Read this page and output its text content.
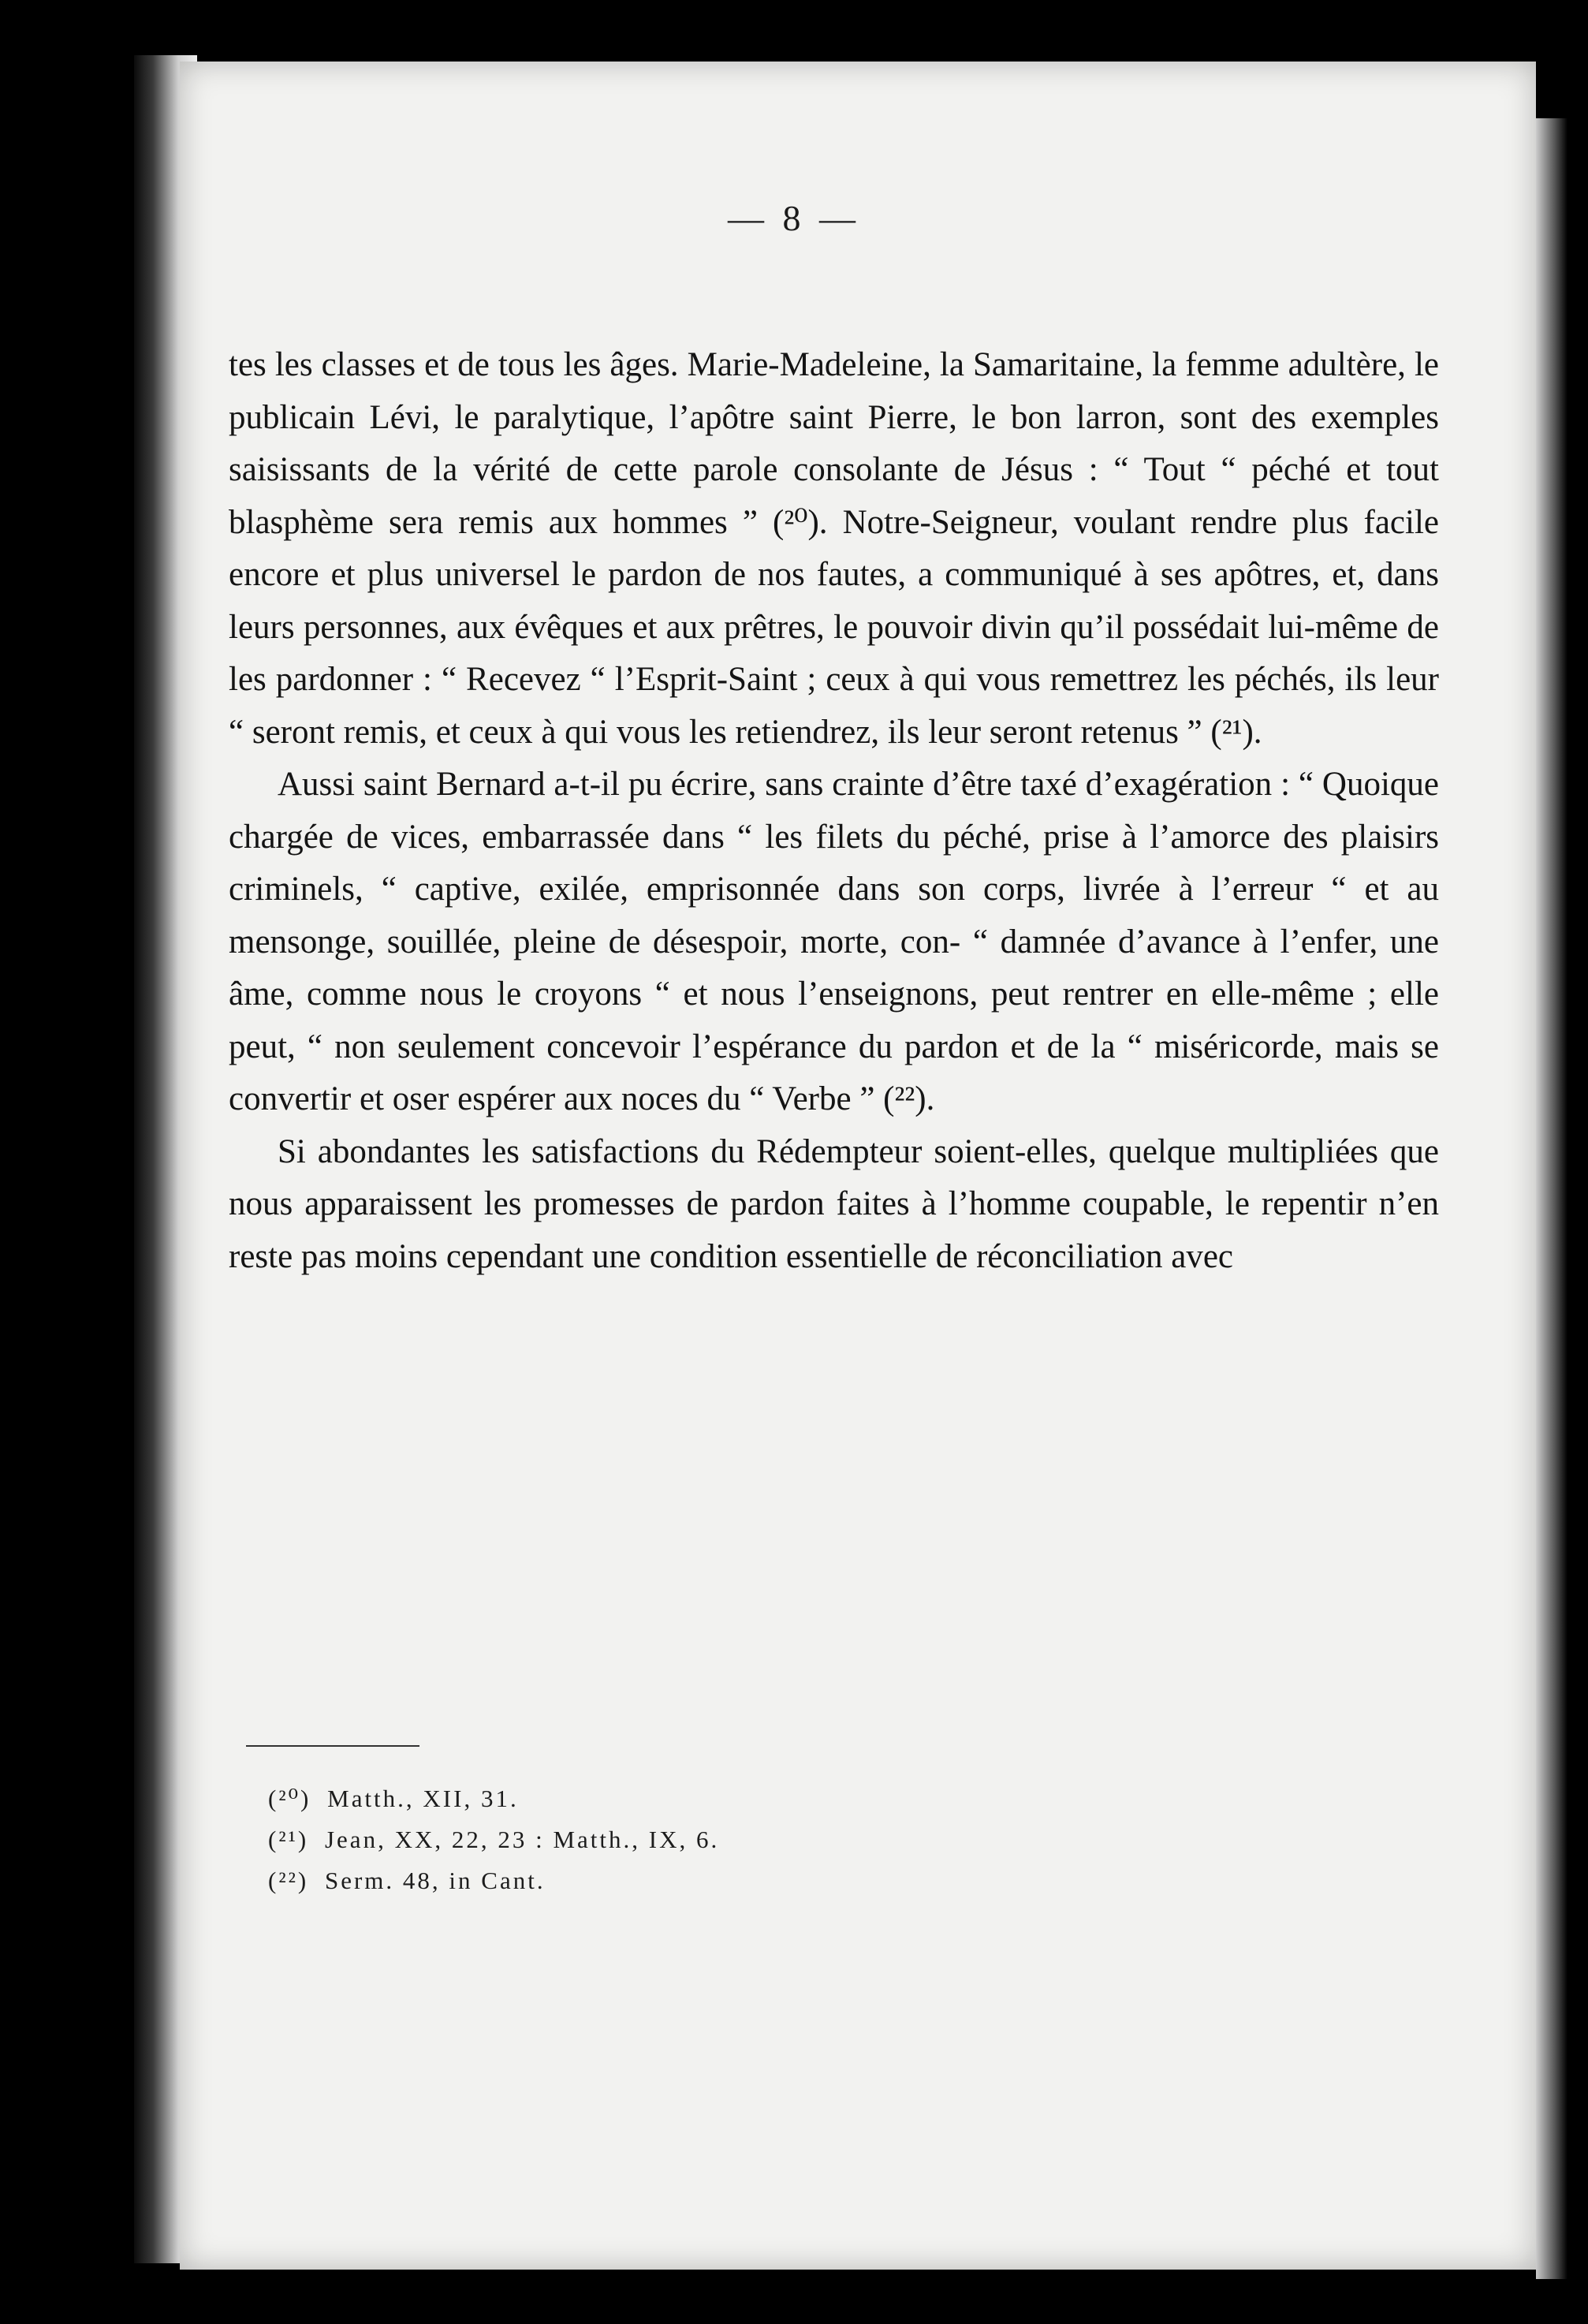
— 8 —

tes les classes et de tous les âges. Marie-Madeleine, la Samaritaine, la femme adultère, le publicain Lévi, le paralytique, l’apôtre saint Pierre, le bon larron, sont des exemples saisissants de la vérité de cette parole consolante de Jésus : “ Tout “ péché et tout blasphème sera remis aux hommes ” (²⁰). Notre-Seigneur, voulant rendre plus facile encore et plus universel le pardon de nos fautes, a communiqué à ses apôtres, et, dans leurs personnes, aux évêques et aux prêtres, le pouvoir divin qu’il possédait lui-même de les pardonner : “ Recevez “ l’Esprit-Saint ; ceux à qui vous remettrez les péchés, ils leur “ seront remis, et ceux à qui vous les retiendrez, ils leur seront retenus ” (²¹).

Aussi saint Bernard a-t-il pu écrire, sans crainte d’être taxé d’exagération : “ Quoique chargée de vices, embarrassée dans “ les filets du péché, prise à l’amorce des plaisirs criminels, “ captive, exilée, emprisonnée dans son corps, livrée à l’erreur “ et au mensonge, souillée, pleine de désespoir, morte, con- “ damnée d’avance à l’enfer, une âme, comme nous le croyons “ et nous l’enseignons, peut rentrer en elle-même ; elle peut, “ non seulement concevoir l’espérance du pardon et de la “ miséricorde, mais se convertir et oser espérer aux noces du “ Verbe ” (²²).

Si abondantes les satisfactions du Rédempteur soient-elles, quelque multipliées que nous apparaissent les promesses de pardon faites à l’homme coupable, le repentir n’en reste pas moins cependant une condition essentielle de réconciliation avec

(²⁰) Matth., XII, 31.
(²¹) Jean, XX, 22, 23 : Matth., IX, 6.
(²²) Serm. 48, in Cant.
